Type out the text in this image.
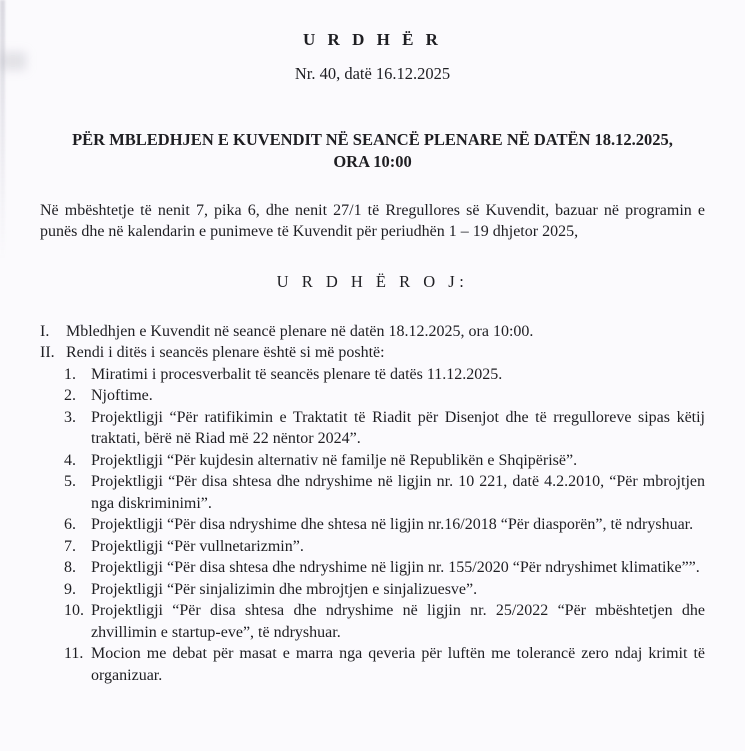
U R D H Ë R
Nr. 40, datë 16.12.2025
PËR MBLEDHJEN E KUVENDIT NË SEANCË PLENARE NË DATËN 18.12.2025, ORA 10:00
Në mbështetje të nenit 7, pika 6, dhe nenit 27/1 të Rregullores së Kuvendit, bazuar në programin e punës dhe në kalendarin e punimeve të Kuvendit për periudhën 1 – 19 dhjetor 2025,
U R D H Ë R O J:
I.	Mbledhjen e Kuvendit në seancë plenare në datën 18.12.2025, ora 10:00.
II. Rendi i ditës i seancës plenare është si më poshtë:
1. Miratimi i procesverbalit të seancës plenare të datës 11.12.2025.
2. Njoftime.
3. Projektligji “Për ratifikimin e Traktatit të Riadit për Disenjot dhe të rregulloreve sipas këtij traktati, bërë në Riad më 22 nëntor 2024”.
4. Projektligji “Për kujdesin alternativ në familje në Republikën e Shqipërisë”.
5. Projektligji “Për disa shtesa dhe ndryshime në ligjin nr. 10 221, datë 4.2.2010, “Për mbrojtjen nga diskriminimi”.
6. Projektligji “Për disa ndryshime dhe shtesa në ligjin nr.16/2018 “Për diasporën”, të ndryshuar.
7. Projektligji “Për vullnetarizmin”.
8. Projektligji “Për disa shtesa dhe ndryshime në ligjin nr. 155/2020 “Për ndryshimet klimatike””.
9. Projektligji “Për sinjalizimin dhe mbrojtjen e sinjalizuesve”.
10. Projektligji “Për disa shtesa dhe ndryshime në ligjin nr. 25/2022 “Për mbështetjen dhe zhvillimin e startup-eve”, të ndryshuar.
11. Mocion me debat për masat e marra nga qeveria për luftën me tolerancë zero ndaj krimit të organizuar.
